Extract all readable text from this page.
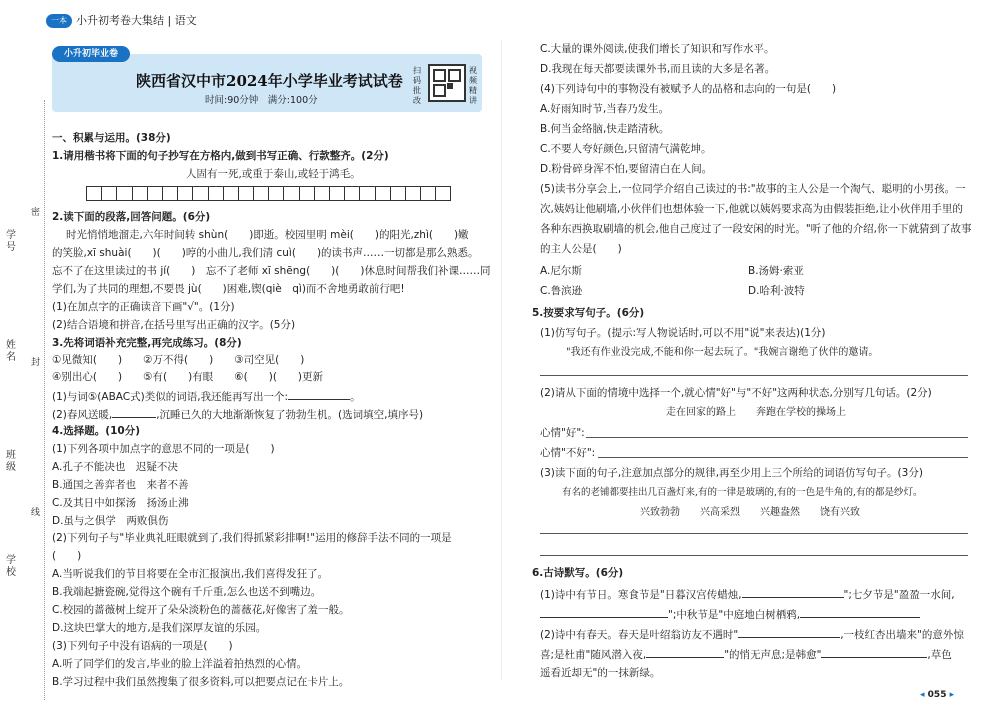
学号
姓名
班级
学校
密
封
线
一本 小升初考卷大集结 | 语文
小升初毕业卷
陕西省汉中市2024年小学毕业考试试卷
时间:90分钟　满分:100分
扫码批改
视频精讲
一、积累与运用。(38分)
1.请用楷书将下面的句子抄写在方格内,做到书写正确、行款整齐。(2分)
人固有一死,或重于泰山,或轻于鸿毛。
2.读下面的段落,回答问题。(6分)
时光悄悄地溜走,六年时间转 shùn(　　)即逝。校园里明 mèi(　　)的阳光,zhì(　　)嫩
的笑脸,xī shuài(　　)(　　)哼的小曲儿,我们清 cuì(　　)的读书声……一切都是那么熟悉。
忘不了在这里读过的书 jí(　　)　忘不了老师 xī shēng(　　)(　　)休息时间帮我们补课……同
学们,为了共同的理想,不要畏 jù(　　)困难,锲(qiè　qì)而不舍地勇敢前行吧!
(1)在加点字的正确读音下画"√"。(1分)
(2)结合语境和拼音,在括号里写出正确的汉字。(5分)
3.先将词语补充完整,再完成练习。(8分)
①见微知(　　)　　②万不得(　　)　　③司空见(　　)
④别出心(　　)　　⑤有(　　)有眼　　⑥(　　)(　　)更新
(1)与词⑤(ABAC式)类似的词语,我还能再写出一个:	。
(2)春风送暖,	,沉睡已久的大地渐渐恢复了勃勃生机。(选词填空,填序号)
4.选择题。(10分)
(1)下列各项中加点字的意思不同的一项是(　　)
A.孔子不能决也　迟疑不决
B.通国之善弈者也　来者不善
C.及其日中如探汤　扬汤止沸
D.虽与之俱学　两败俱伤
(2)下列句子与"毕业典礼旺眼就到了,我们得抓紧彩排啊!"运用的修辞手法不同的一项是
(　　)
A.当听说我们的节目将要在全市汇报演出,我们喜得发狂了。
B.我端起搪瓷碗,觉得这个碗有千斤重,怎么也送不到嘴边。
C.校园的蔷薇树上绽开了朵朵淡粉色的蔷薇花,好像害了羞一般。
D.这块巴掌大的地方,是我们深厚友谊的乐园。
(3)下列句子中没有语病的一项是(　　)
A.听了同学们的发言,毕业的脸上洋溢着拍热烈的心情。
B.学习过程中我们虽然搜集了很多资料,可以把要点记在卡片上。
C.大量的课外阅读,使我们增长了知识和写作水平。
D.我现在每天都要读课外书,而且读的大多是名著。
(4)下列诗句中的事物没有被赋予人的品格和志向的一句是(　　)
A.好雨知时节,当春乃发生。
B.何当金络脑,快走踏清秋。
C.不要人夸好颜色,只留清气满乾坤。
D.粉骨碎身浑不怕,要留清白在人间。
(5)读书分享会上,一位同学介绍自己读过的书:"故事的主人公是一个淘气、聪明的小男孩。一
次,姨妈让他刷墙,小伙伴们也想体验一下,他就以姨妈要求高为由假装拒绝,让小伙伴用手里的
各种东西换取刷墙的机会,他自己度过了一段安闲的时光。"听了他的介绍,你一下就猜到了故事
的主人公是(　　)
A.尼尔斯	B.汤姆·索亚
C.鲁滨逊	D.哈利·波特
5.按要求写句子。(6分)
(1)仿写句子。(提示:写人物说话时,可以不用"说"来表达)(1分)
"我还有作业没完成,不能和你一起去玩了。"我婉言谢绝了伙伴的邀请。
(2)请从下面的情境中选择一个,就心情"好"与"不好"这两种状态,分别写几句话。(2分)
走在回家的路上　　奔跑在学校的操场上
心情"好":
心情"不好":
(3)读下面的句子,注意加点部分的规律,再至少用上三个所给的词语仿写句子。(3分)
有名的老铺都要挂出几百盏灯来,有的一律是玻璃的,有的一色是牛角的,有的都是纱灯。
兴致勃勃　　兴高采烈　　兴趣盎然　　饶有兴致
6.古诗默写。(6分)
(1)诗中有节日。寒食节是"日暮汉宫传蜡烛,	";七夕节是"盈盈一水间,
";中秋节是"中庭地白树栖鸦,
(2)诗中有春天。春天是叶绍翁访友不遇时"	,一枝红杏出墙来"的意外惊
喜;是杜甫"随风潜入夜,	"的悄无声息;是韩愈"	,草色
遥看近却无"的一抹新绿。
◂ 055 ▸
